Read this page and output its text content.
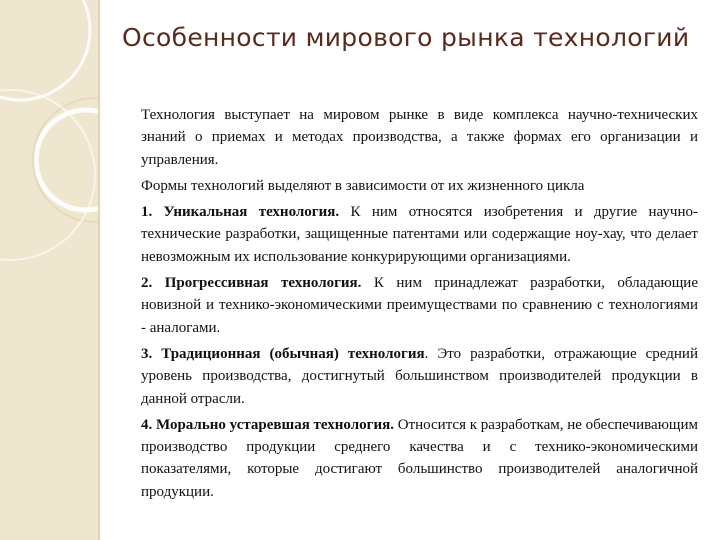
Особенности мирового рынка технологий

Технология выступает на мировом рынке в виде комплекса научно-технических знаний о приемах и методах производства, а также формах его организации и управления.

Формы технологий выделяют в зависимости от их жизненного цикла

1. Уникальная технология. К ним относятся изобретения и другие научно-технические разработки, защищенные патентами или содержащие ноу-хау, что делает невозможным их использование конкурирующими организациями.

2. Прогрессивная технология. К ним принадлежат разработки, обладающие новизной и технико-экономическими преимуществами по сравнению с технологиями - аналогами.

3. Традиционная (обычная) технология. Это разработки, отражающие средний уровень производства, достигнутый большинством производителей продукции в данной отрасли.

4. Морально устаревшая технология. Относится к разработкам, не обеспечивающим производство продукции среднего качества и с технико-экономическими показателями, которые достигают большинство производителей аналогичной продукции.
